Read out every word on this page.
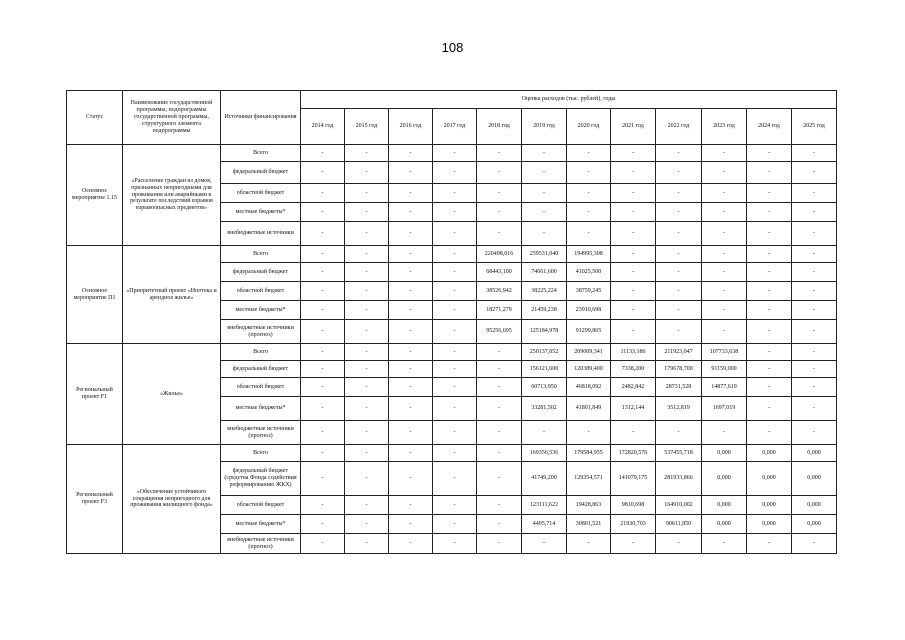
108
Статус	Наименование государственной программы, подпрограммы государственной программы, структурного элемента подпрограммы	Источники финансирования	Оценка расходов (тыс. рублей), годы											
			2014 год	2015 год	2016 год	2017 год	2018 год	2019 год	2020 год	2021 год	2022 год	2023 год	2024 год	2025 год
Основное мероприятие 1.15	«Расселение граждан из домов, признанных непригодными для проживания или аварийными в результате последствий взрывов взрывоопасных предметов»	Всего	-	-	-	-	-	-	-	-	-	-	-	-
		федеральный бюджет	-	-	-	-	-	-	-	-	-	-	-	-
		областной бюджет	-	-	-	-	-	-	-	-	-	-	-	-
		местные бюджеты*	-	-	-	-	-	-	-	-	-	-	-	-
		внебюджетные источники	-	-	-	-	-	-	-	-	-	-	-	-
Основное мероприятие П1	«Приоритетный проект «Ипотека и арендное жилье»	Всего	-	-	-	-	220498,016	259531,040	194995,308	-	-	-	-	-
		федеральный бюджет	-	-	-	-	68443,100	74661,600	41025,500	-	-	-	-	-
		областной бюджет	-	-	-	-	38526,942	38225,224	38759,245	-	-	-	-	-
		местные бюджеты*	-	-	-	-	18271,279	21459,238	23910,698	-	-	-	-	-
		внебюджетные источники (прогноз)	-	-	-	-	95256,695	125184,978	91299,865	-	-	-	-	-
Региональный проект F1	«Жилье»	Всего	-	-	-	-	-	250137,052	209009,341	11133,186	211923,047	107733,638	-	-
		федеральный бюджет	-	-	-	-	-	156121,600	120389,400	7338,200	179678,700	91159,000	-	-
		областной бюджет	-	-	-	-	-	60713,950	46818,092	2482,842	28731,528	14877,619	-	-
		местные бюджеты*	-	-	-	-	-	33281,502	41801,849	1312,144	3512,819	1697,019	-	-
		внебюджетные источники (прогноз)	-	-	-	-	-	-	-	-	-	-	-	-
Региональный проект F3	«Обеспечение устойчивого сокращения непригодного для проживания жилищного фонда»	Всего	-	-	-	-	-	169356,536	179584,955	172820,576	537455,718	0,000	0,000	0,000
		федеральный бюджет (средства Фонда содействия реформированию ЖКХ)	-	-	-	-	-	41749,200	129354,571	141079,175	281933,866	0,000	0,000	0,000
		областной бюджет	-	-	-	-	-	123111,622	19428,863	9810,698	164910,002	0,000	0,000	0,000
		местные бюджеты*	-	-	-	-	-	4495,714	30801,521	21930,703	90611,850	0,000	0,000	0,000
		внебюджетные источники (прогноз)	-	-	-	-	-	-	-	-	-	-	-	-
